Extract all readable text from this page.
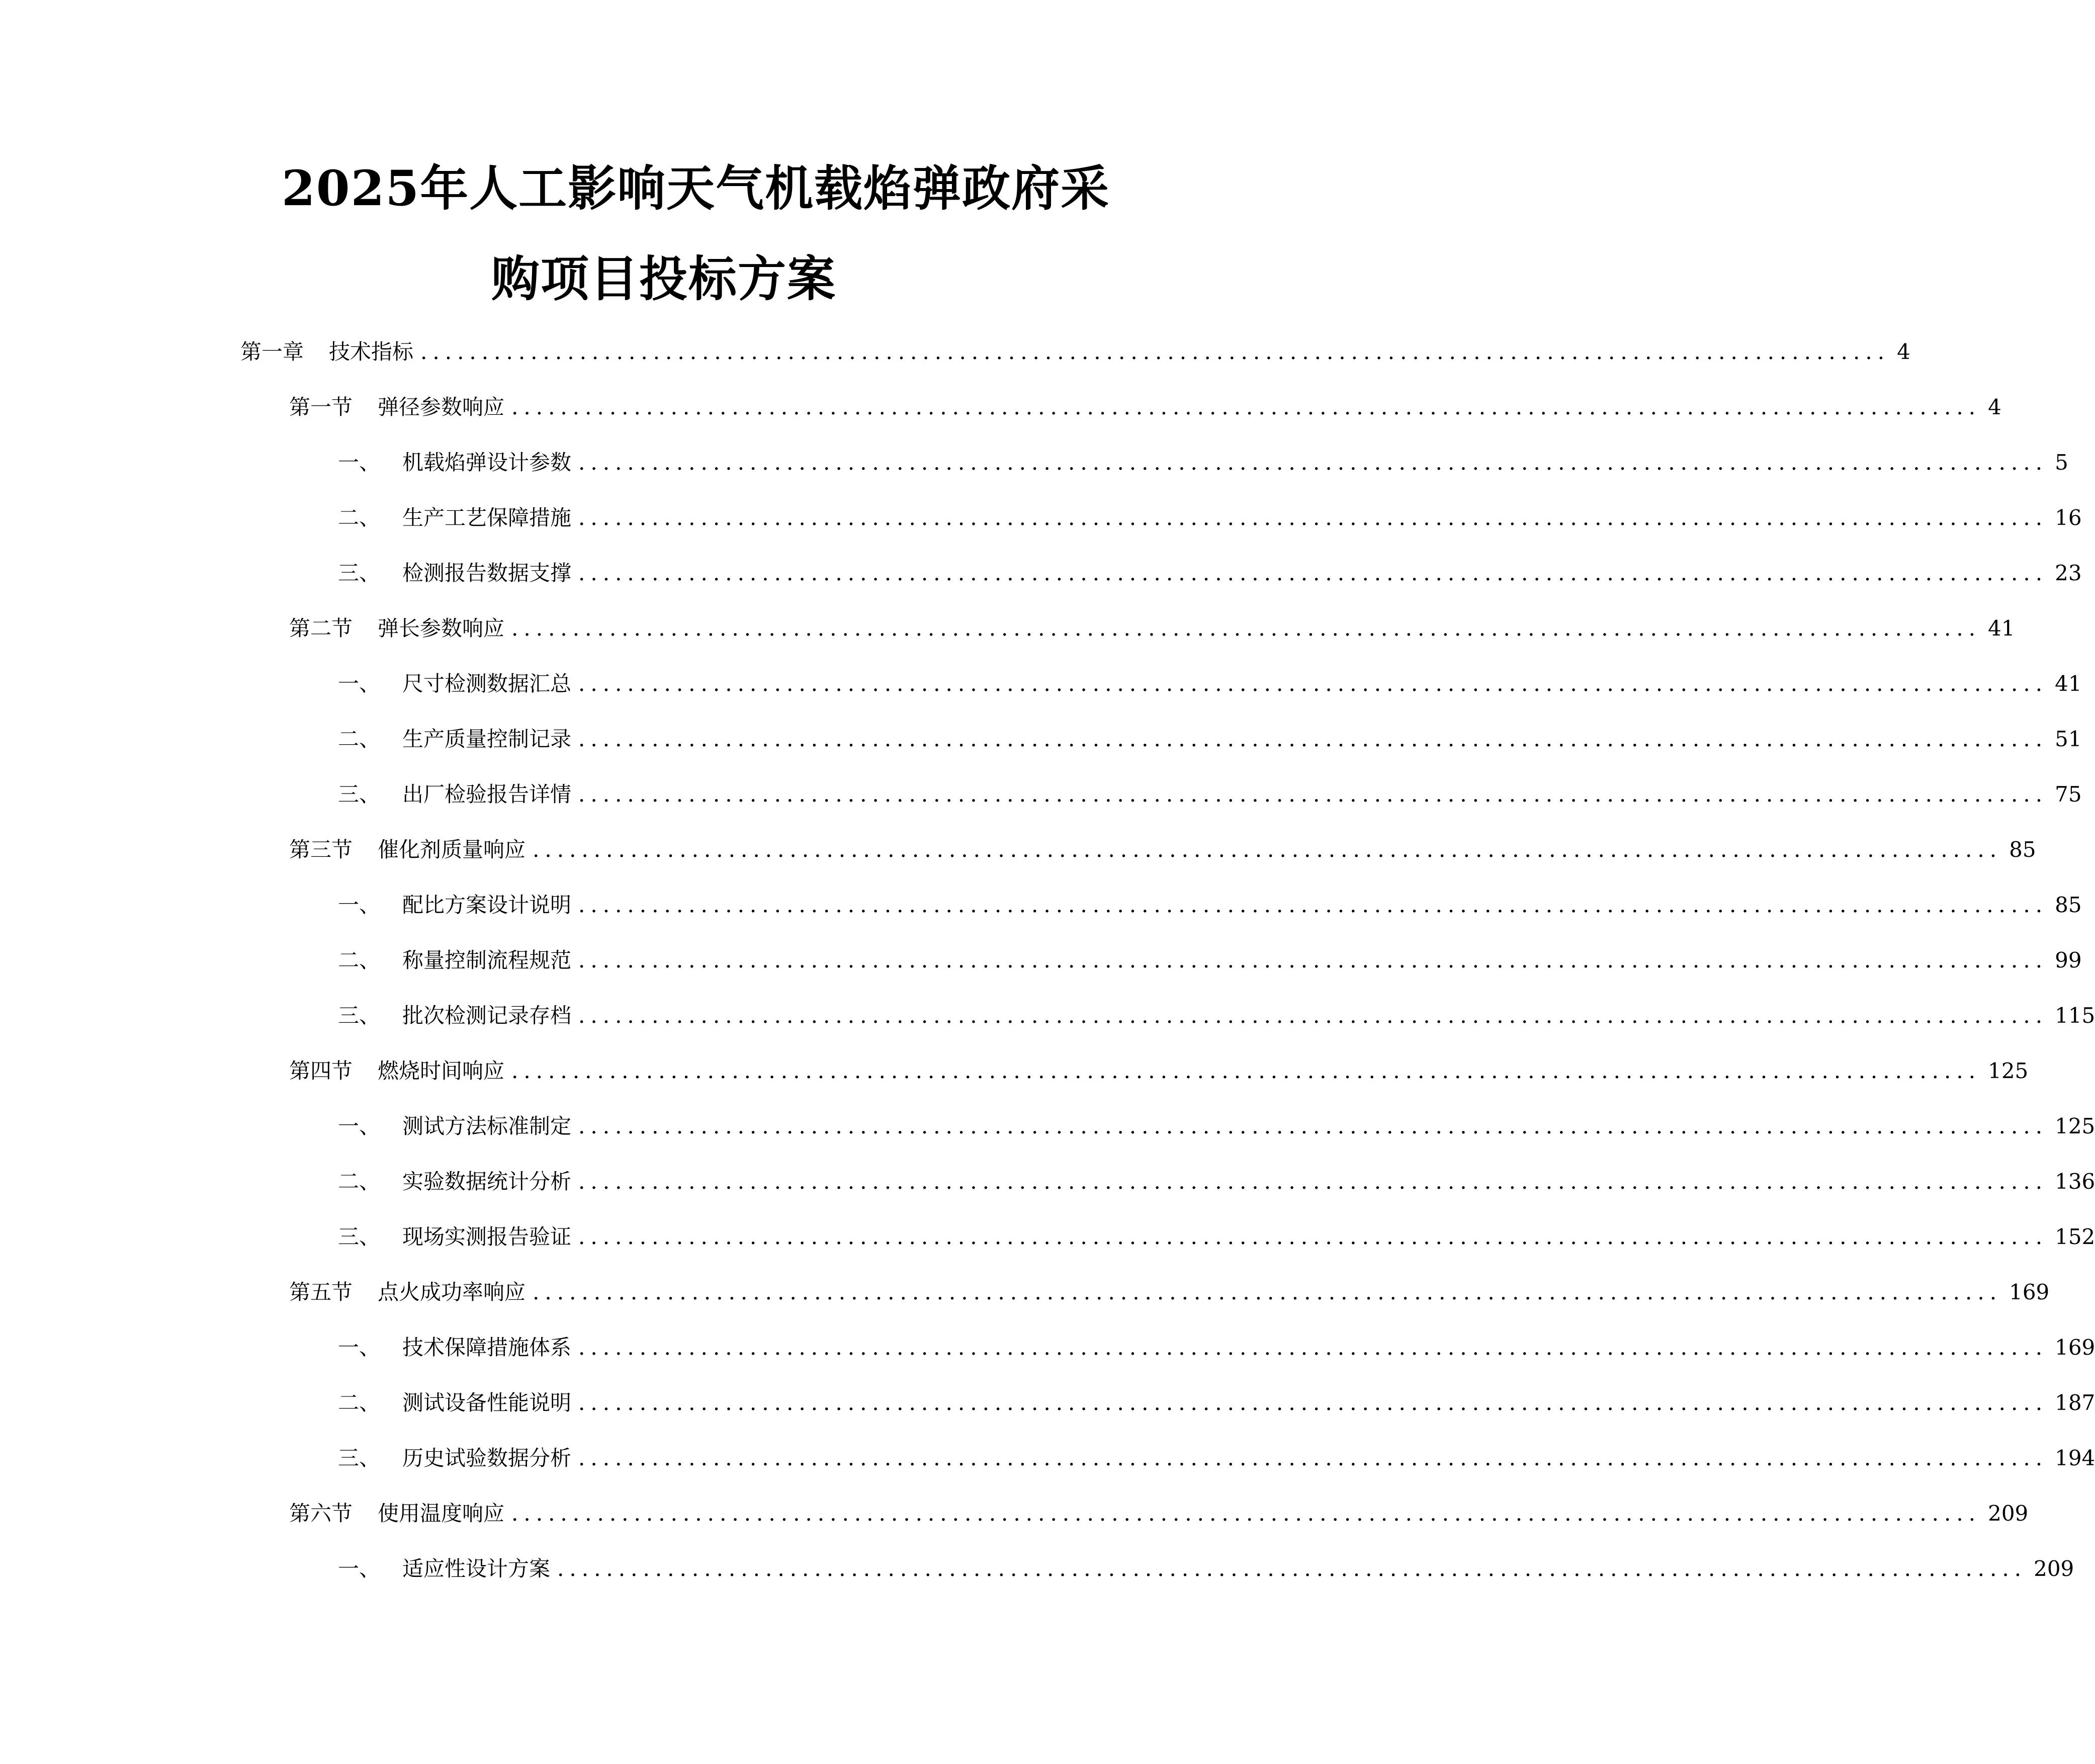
2025年人工影响天气机载焰弹政府采
购项目投标方案
第一章	技术指标 ........................................................................................................................ 4
第一节	弹径参数响应 ........................................................................................................................ 4
一、	机载焰弹设计参数 ........................................................................................................................ 5
二、	生产工艺保障措施 ........................................................................................................................ 16
三、	检测报告数据支撑 ........................................................................................................................ 23
第二节	弹长参数响应 ........................................................................................................................ 41
一、	尺寸检测数据汇总 ........................................................................................................................ 41
二、	生产质量控制记录 ........................................................................................................................ 51
三、	出厂检验报告详情 ........................................................................................................................ 75
第三节	催化剂质量响应 ........................................................................................................................ 85
一、	配比方案设计说明 ........................................................................................................................ 85
二、	称量控制流程规范 ........................................................................................................................ 99
三、	批次检测记录存档 ........................................................................................................................ 115
第四节	燃烧时间响应 ........................................................................................................................ 125
一、	测试方法标准制定 ........................................................................................................................ 125
二、	实验数据统计分析 ........................................................................................................................ 136
三、	现场实测报告验证 ........................................................................................................................ 152
第五节	点火成功率响应 ........................................................................................................................ 169
一、	技术保障措施体系 ........................................................................................................................ 169
二、	测试设备性能说明 ........................................................................................................................ 187
三、	历史试验数据分析 ........................................................................................................................ 194
第六节	使用温度响应 ........................................................................................................................ 209
一、	适应性设计方案 ........................................................................................................................ 209
